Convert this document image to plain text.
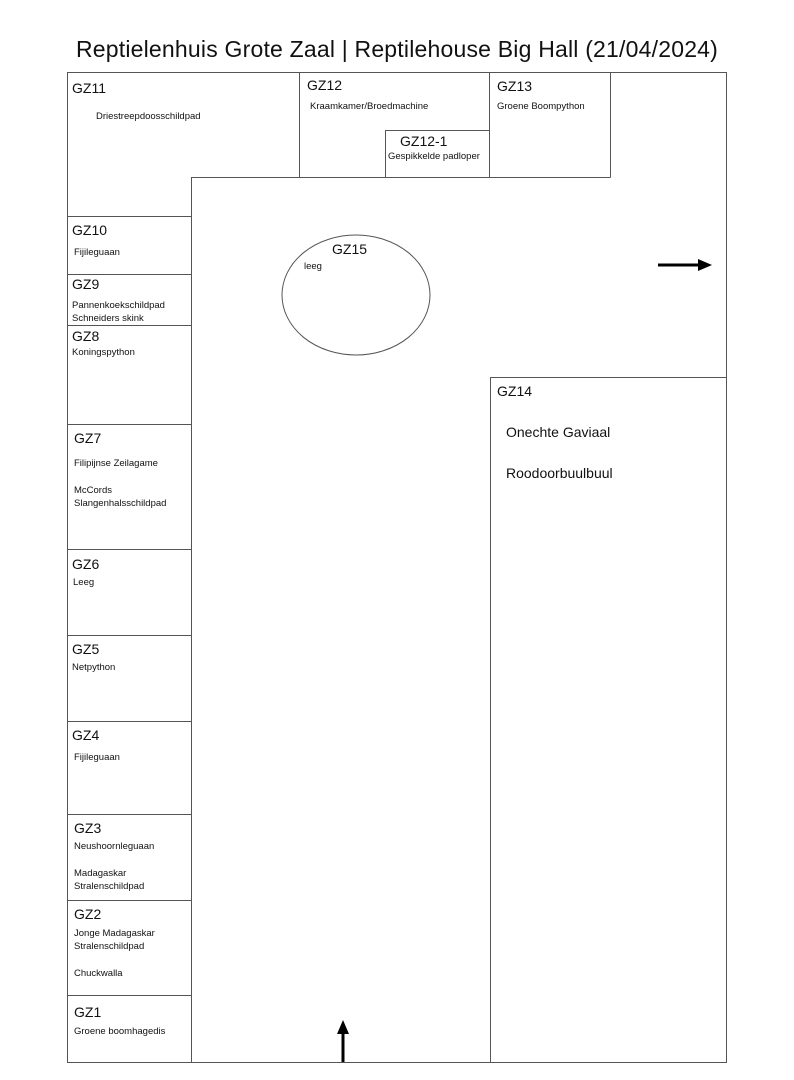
Reptielenhuis Grote Zaal | Reptilehouse Big Hall (21/04/2024)
GZ11
Driestreepdoosschildpad
GZ12
Kraamkamer/Broedmachine
GZ12-1
Gespikkelde padloper
GZ13
Groene Boompython
GZ10
Fijileguaan
GZ9
Pannenkoekschildpad
Schneiders skink
GZ8
Koningspython
GZ7
Filipijnse Zeilagame
McCords
Slangenhalsschildpad
GZ6
Leeg
GZ5
Netpython
GZ4
Fijileguaan
GZ3
Neushoornleguaan
Madagaskar
Stralenschildpad
GZ2
Jonge Madagaskar
Stralenschildpad
Chuckwalla
GZ1
Groene boomhagedis
GZ15
leeg
GZ14
Onechte Gaviaal
Roodoorbuulbuul
